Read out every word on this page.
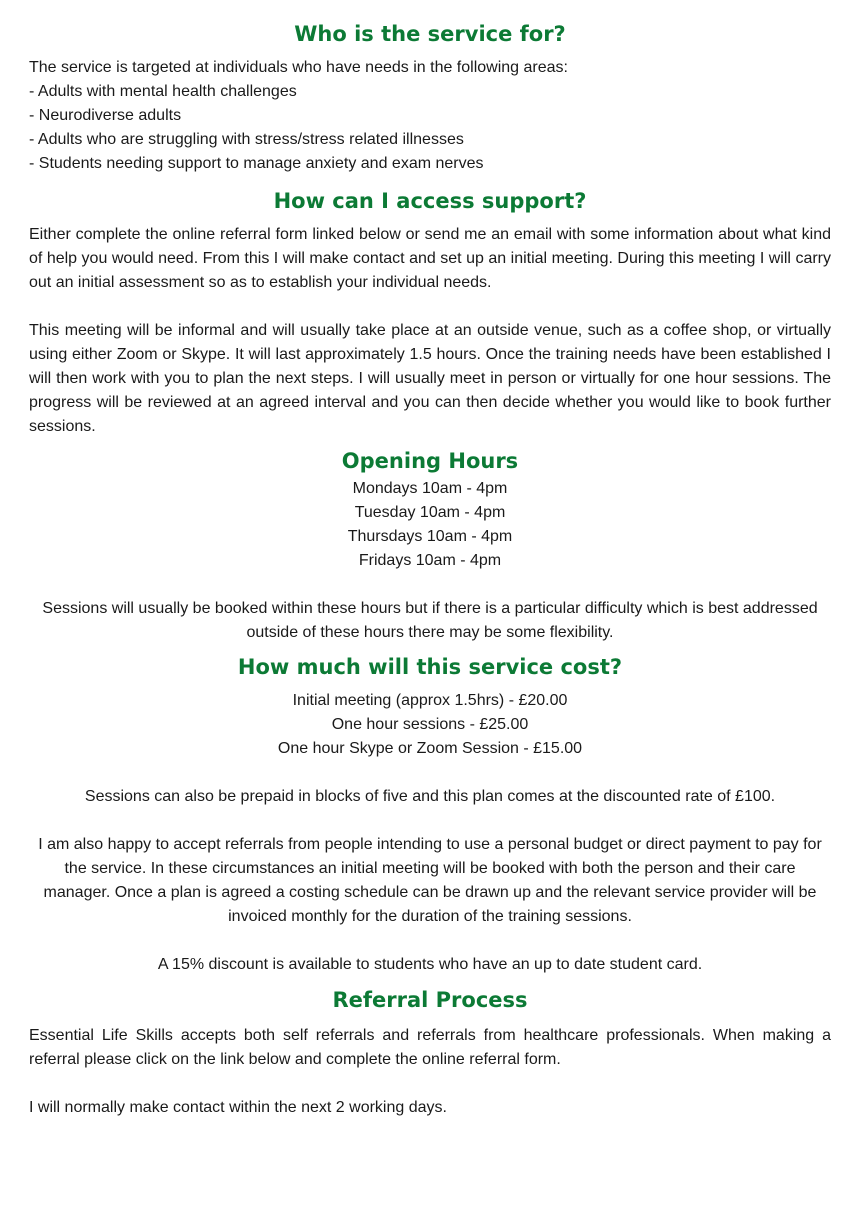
Who is the service for?
The service is targeted at individuals who have needs in the following areas:
- Adults with mental health challenges
- Neurodiverse adults
- Adults who are struggling with stress/stress related illnesses
- Students needing support to manage anxiety and exam nerves
How can I access support?

Either complete the online referral form linked below or send me an email with some information about what kind of help you would need. From this I will make contact and set up an initial meeting. During this meeting I will carry out an initial assessment so as to establish your individual needs.

This meeting will be informal and will usually take place at an outside venue, such as a coffee shop, or virtually using either Zoom or Skype. It will last approximately 1.5 hours. Once the training needs have been established I will then work with you to plan the next steps. I will usually meet in person or virtually for one hour sessions. The progress will be reviewed at an agreed interval and you can then decide whether you would like to book further sessions.

Opening Hours
Mondays 10am - 4pm
Tuesday 10am - 4pm
Thursdays 10am - 4pm
Fridays 10am - 4pm

Sessions will usually be booked within these hours but if there is a particular difficulty which is best addressed outside of these hours there may be some flexibility.

How much will this service cost?
Initial meeting (approx 1.5hrs) - £20.00
One hour sessions - £25.00
One hour Skype or Zoom Session - £15.00

Sessions can also be prepaid in blocks of five and this plan comes at the discounted rate of £100.

I am also happy to accept referrals from people intending to use a personal budget or direct payment to pay for the service. In these circumstances an initial meeting will be booked with both the person and their care manager. Once a plan is agreed a costing schedule can be drawn up and the relevant service provider will be invoiced monthly for the duration of the training sessions.

A 15% discount is available to students who have an up to date student card.

Referral Process

Essential Life Skills accepts both self referrals and referrals from healthcare professionals. When making a referral please click on the link below and complete the online referral form.

I will normally make contact within the next 2 working days.
